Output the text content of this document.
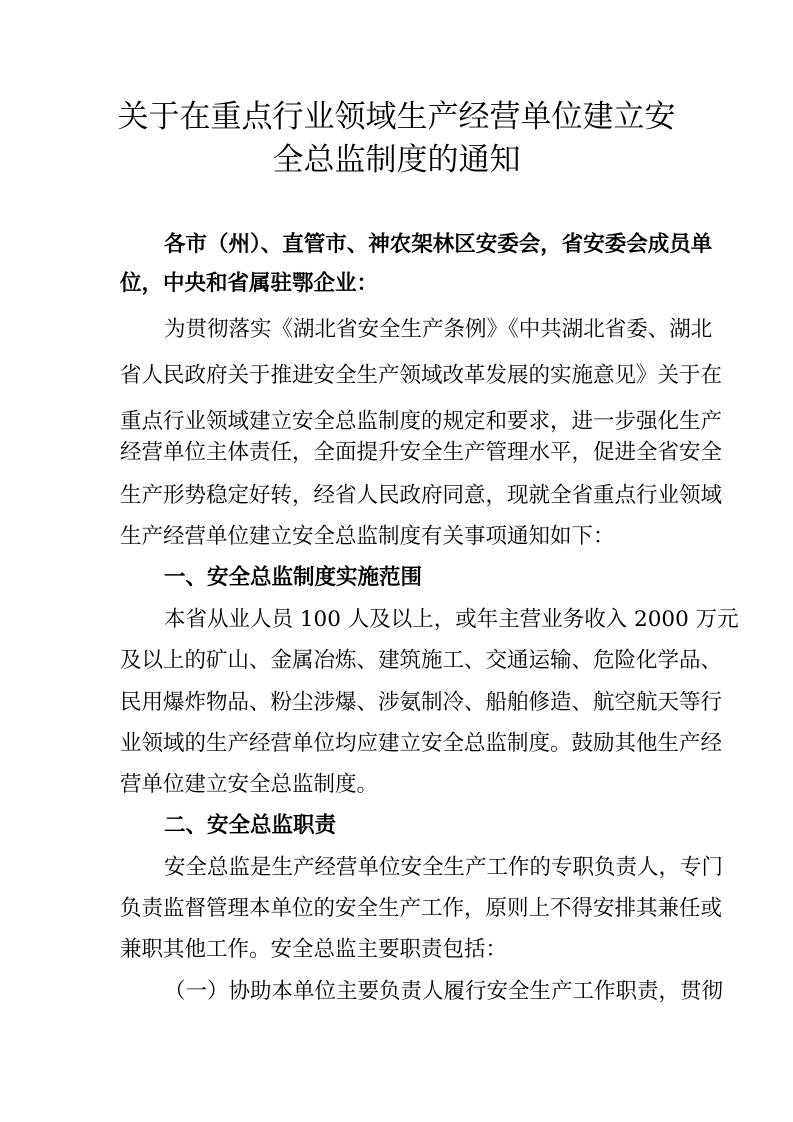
关于在重点行业领域生产经营单位建立安
全总监制度的通知
各市（州）、直管市、神农架林区安委会，省安委会成员单
位，中央和省属驻鄂企业：
为贯彻落实《湖北省安全生产条例》《中共湖北省委、湖北
省人民政府关于推进安全生产领域改革发展的实施意见》关于在
重点行业领域建立安全总监制度的规定和要求，进一步强化生产
经营单位主体责任，全面提升安全生产管理水平，促进全省安全
生产形势稳定好转，经省人民政府同意，现就全省重点行业领域
生产经营单位建立安全总监制度有关事项通知如下：
一、安全总监制度实施范围
本省从业人员 100 人及以上，或年主营业务收入 2000 万元
及以上的矿山、金属冶炼、建筑施工、交通运输、危险化学品、
民用爆炸物品、粉尘涉爆、涉氨制冷、船舶修造、航空航天等行
业领域的生产经营单位均应建立安全总监制度。鼓励其他生产经
营单位建立安全总监制度。
二、安全总监职责
安全总监是生产经营单位安全生产工作的专职负责人，专门
负责监督管理本单位的安全生产工作，原则上不得安排其兼任或
兼职其他工作。安全总监主要职责包括：
（一）协助本单位主要负责人履行安全生产工作职责，贯彻
